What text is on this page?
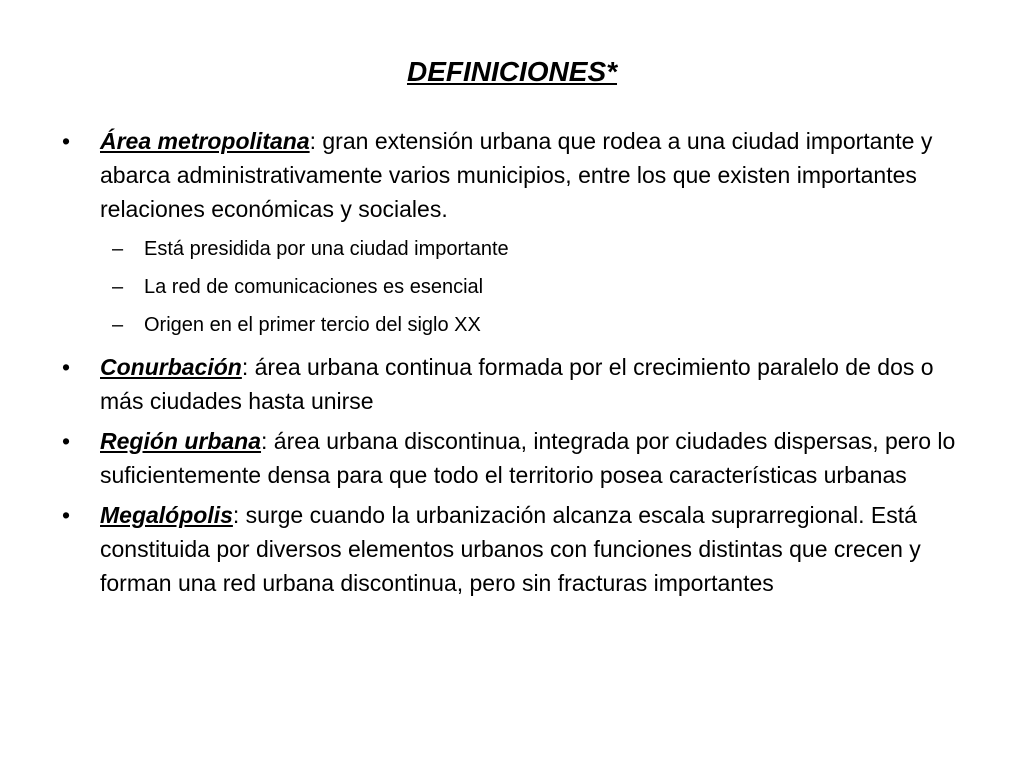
DEFINICIONES*
• Área metropolitana: gran extensión urbana que rodea a una ciudad importante y abarca administrativamente varios municipios, entre los que existen importantes relaciones económicas y sociales.
– Está presidida por una ciudad importante
– La red de comunicaciones es esencial
– Origen en el primer tercio del siglo XX
• Conurbación: área urbana continua formada por el crecimiento paralelo de dos o más ciudades hasta unirse
• Región urbana: área urbana discontinua, integrada por ciudades dispersas, pero lo suficientemente densa para que todo el territorio posea características urbanas
• Megalópolis: surge cuando la urbanización alcanza escala suprarregional. Está constituida por diversos elementos urbanos con funciones distintas que crecen y forman una red urbana discontinua, pero sin fracturas importantes
